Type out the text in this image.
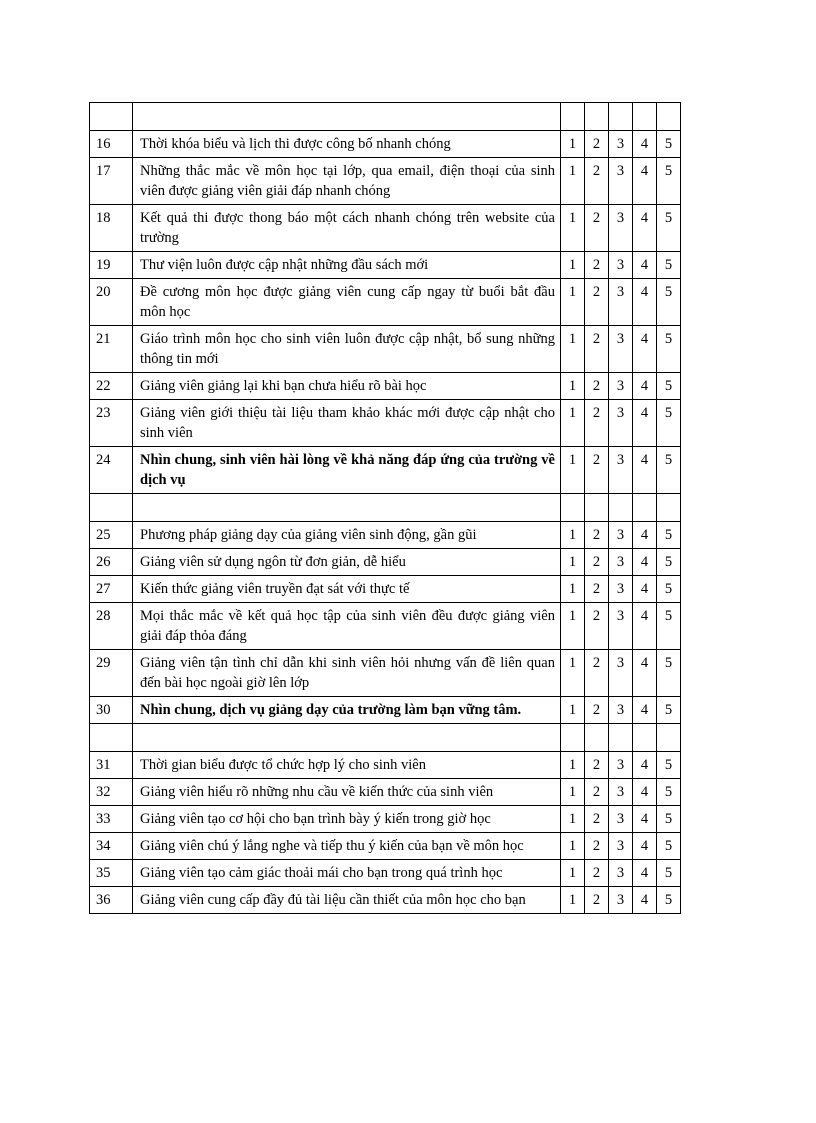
16	Thời khóa biểu và lịch thi được công bố nhanh chóng	1	2	3	4	5
17	Những thắc mắc về môn học tại lớp, qua email, điện thoại của sinh viên được giảng viên giải đáp nhanh chóng	1	2	3	4	5
18	Kết quả thi được thong báo một cách nhanh chóng trên website của trường	1	2	3	4	5
19	Thư viện luôn được cập nhật những đầu sách mới	1	2	3	4	5
20	Đề cương môn học được giảng viên cung cấp ngay từ buổi bắt đầu môn học	1	2	3	4	5
21	Giáo trình môn học cho sinh viên luôn được cập nhật, bổ sung những thông tin mới	1	2	3	4	5
22	Giảng viên giảng lại khi bạn chưa hiểu rõ bài học	1	2	3	4	5
23	Giảng viên giới thiệu tài liệu tham khảo khác mới được cập nhật cho sinh viên	1	2	3	4	5
24	Nhìn chung, sinh viên hài lòng về khả năng đáp ứng của trường về dịch vụ	1	2	3	4	5

25	Phương pháp giảng dạy của giảng viên sinh động, gần gũi	1	2	3	4	5
26	Giảng viên sử dụng ngôn từ đơn giản, dễ hiểu	1	2	3	4	5
27	Kiến thức giảng viên truyền đạt sát với thực tế	1	2	3	4	5
28	Mọi thắc mắc về kết quả học tập của sinh viên đều được giảng viên giải đáp thỏa đáng	1	2	3	4	5
29	Giảng viên tận tình chỉ dẫn khi sinh viên hỏi nhưng vấn đề liên quan đến bài học ngoài giờ lên lớp	1	2	3	4	5
30	Nhìn chung, dịch vụ giảng dạy của trường làm bạn vững tâm.	1	2	3	4	5

31	Thời gian biểu được tổ chức hợp lý cho sinh viên	1	2	3	4	5
32	Giảng viên hiểu rõ những nhu cầu về kiến thức của sinh viên	1	2	3	4	5
33	Giảng viên tạo cơ hội cho bạn trình bày ý kiến trong giờ học	1	2	3	4	5
34	Giảng viên chú ý lắng nghe và tiếp thu ý kiến của bạn về môn học	1	2	3	4	5
35	Giảng viên tạo cảm giác thoải mái cho bạn trong quá trình học	1	2	3	4	5
36	Giảng viên cung cấp đầy đủ tài liệu cần thiết của môn học cho bạn	1	2	3	4	5
